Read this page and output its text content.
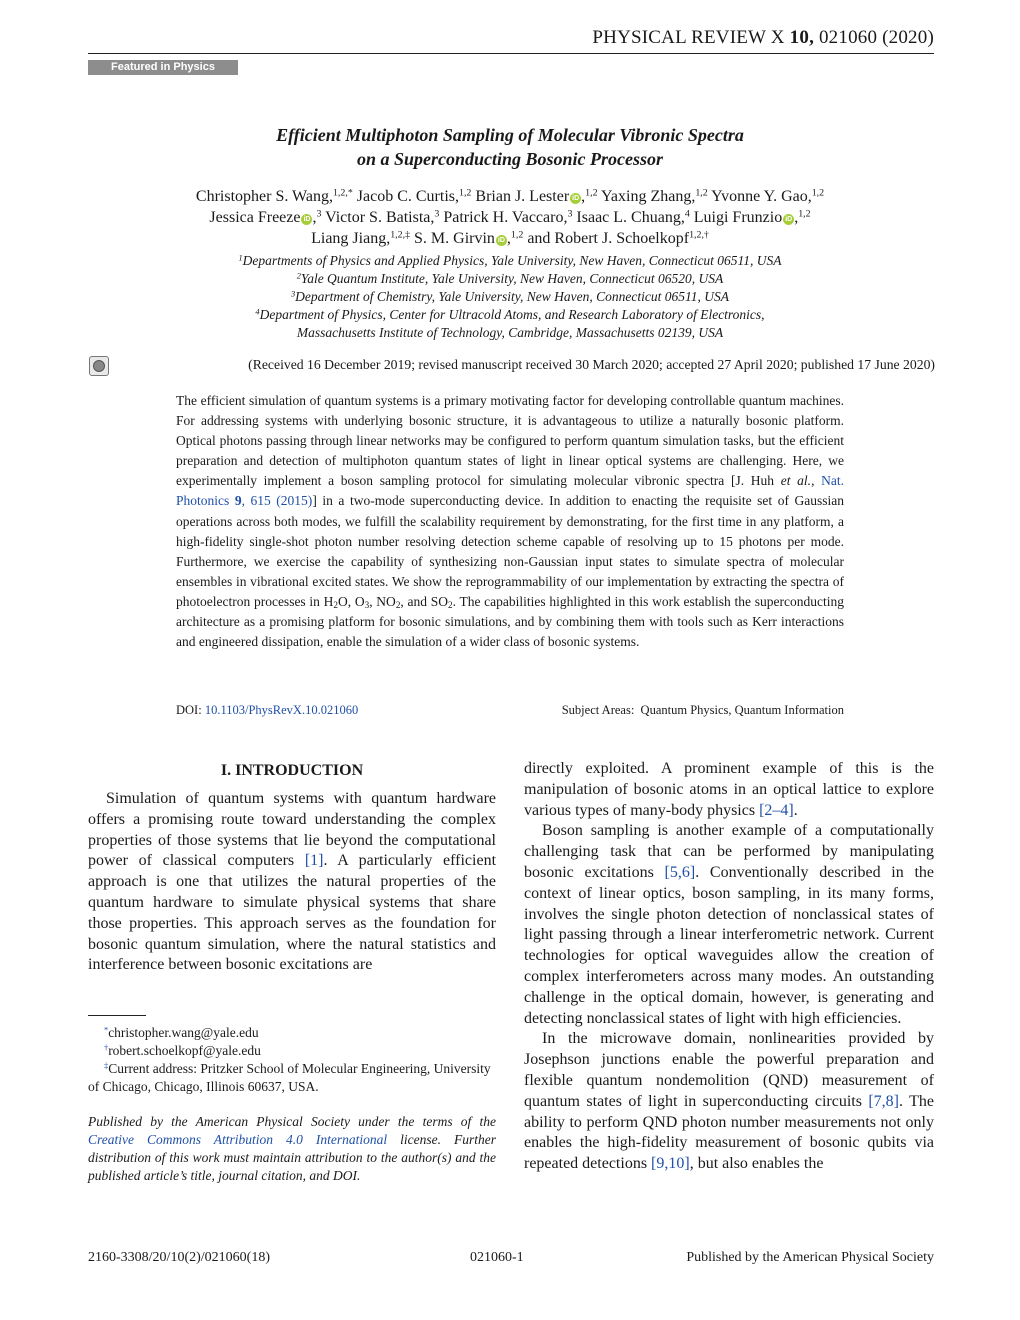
PHYSICAL REVIEW X 10, 021060 (2020)
Featured in Physics
Efficient Multiphoton Sampling of Molecular Vibronic Spectra
on a Superconducting Bosonic Processor
Christopher S. Wang,$^{1,2,*}$ Jacob C. Curtis,$^{1,2}$ Brian J. Lester iD ,$^{1,2}$ Yaxing Zhang,$^{1,2}$ Yvonne Y. Gao,$^{1,2}$
Jessica Freeze iD ,$^3$ Victor S. Batista,$^3$ Patrick H. Vaccaro,$^3$ Isaac L. Chuang,$^4$ Luigi Frunzio iD ,$^{1,2}$
Liang Jiang,$^{1,2,\ddagger}$ S. M. Girvin iD ,$^{1,2}$ and Robert J. Schoelkopf$^{1,2,\dagger}$
$^1$Departments of Physics and Applied Physics, Yale University, New Haven, Connecticut 06511, USA
$^2$Yale Quantum Institute, Yale University, New Haven, Connecticut 06520, USA
$^3$Department of Chemistry, Yale University, New Haven, Connecticut 06511, USA
$^4$Department of Physics, Center for Ultracold Atoms, and Research Laboratory of Electronics,
Massachusetts Institute of Technology, Cambridge, Massachusetts 02139, USA
(Received 16 December 2019; revised manuscript received 30 March 2020; accepted 27 April 2020; published 17 June 2020)
The efficient simulation of quantum systems is a primary motivating factor for developing controllable quantum machines. For addressing systems with underlying bosonic structure, it is advantageous to utilize a naturally bosonic platform. Optical photons passing through linear networks may be configured to perform quantum simulation tasks, but the efficient preparation and detection of multiphoton quantum states of light in linear optical systems are challenging. Here, we experimentally implement a boson sampling protocol for simulating molecular vibronic spectra [J. Huh et al., Nat. Photonics 9, 615 (2015)] in a two-mode superconducting device. In addition to enacting the requisite set of Gaussian operations across both modes, we fulfill the scalability requirement by demonstrating, for the first time in any platform, a high-fidelity single-shot photon number resolving detection scheme capable of resolving up to 15 photons per mode. Furthermore, we exercise the capability of synthesizing non-Gaussian input states to simulate spectra of molecular ensembles in vibrational excited states. We show the reprogrammability of our implementation by extracting the spectra of photoelectron processes in $H_2O$, $O_3$, $NO_2$, and $SO_2$. The capabilities highlighted in this work establish the superconducting architecture as a promising platform for bosonic simulations, and by combining them with tools such as Kerr interactions and engineered dissipation, enable the simulation of a wider class of bosonic systems.
DOI: 10.1103/PhysRevX.10.021060	Subject Areas: Quantum Physics, Quantum Information
I. INTRODUCTION
Simulation of quantum systems with quantum hardware offers a promising route toward understanding the complex properties of those systems that lie beyond the computational power of classical computers [1]. A particularly efficient approach is one that utilizes the natural properties of the quantum hardware to simulate physical systems that share those properties. This approach serves as the foundation for bosonic quantum simulation, where the natural statistics and interference between bosonic excitations are
*christopher.wang@yale.edu
†robert.schoelkopf@yale.edu
‡Current address: Pritzker School of Molecular Engineering, University of Chicago, Chicago, Illinois 60637, USA.
Published by the American Physical Society under the terms of the Creative Commons Attribution 4.0 International license. Further distribution of this work must maintain attribution to the author(s) and the published article’s title, journal citation, and DOI.
directly exploited. A prominent example of this is the manipulation of bosonic atoms in an optical lattice to explore various types of many-body physics [2–4].
Boson sampling is another example of a computationally challenging task that can be performed by manipulating bosonic excitations [5,6]. Conventionally described in the context of linear optics, boson sampling, in its many forms, involves the single photon detection of nonclassical states of light passing through a linear interferometric network. Current technologies for optical waveguides allow the creation of complex interferometers across many modes. An outstanding challenge in the optical domain, however, is generating and detecting nonclassical states of light with high efficiencies.
In the microwave domain, nonlinearities provided by Josephson junctions enable the powerful preparation and flexible quantum nondemolition (QND) measurement of quantum states of light in superconducting circuits [7,8]. The ability to perform QND photon number measurements not only enables the high-fidelity measurement of bosonic qubits via repeated detections [9,10], but also enables the
2160-3308/20/10(2)/021060(18)	021060-1	Published by the American Physical Society
